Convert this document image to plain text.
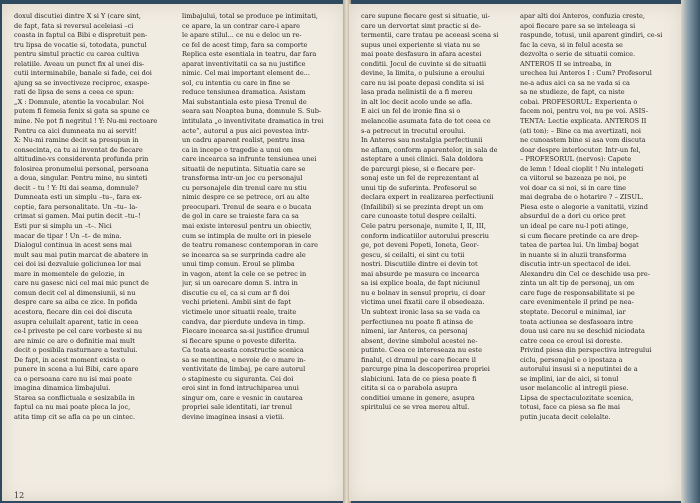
doxul discutiei dintre X si Y (care sint,
de fapt, fata si reversul aceleiasi –ci
coasta in faptul ca Bibi e dispretuit pen-
tru lipsa de vocatie si, totodata, punctul
pentru simtul practic cu carea cultiva
relatiile. Aveau un punct fix al unei dis-
cutii interminabile, banale si fade, cei doi
ajung sa se invectiveze reciproc, exaspe-
rati de lipsa de sens a ceea ce spun:
„X : Domnule, atentie la vocabular. Noi
putem fi femeia fenix si gata sa spune ce
mine. Ne pot fi negritul ! Y: Nu-mi rectoare
Pentru ca aici dumneata nu ai servit!
X: Nu-mi ramine decit sa presupun in
consecinta, ca tu ai inventat de fiecare
altitudine-vs considerenta profunda prin
folosirea pronumelui personal, persoana
a doua, singular. Pentru mine, nu sinteti
decit – tu ! Y: Iti dai seama, domnule?
Dumneata esti un simplu –tu–, fara ex-
ceptie, fara personalitate. Un –tu– la-
crimat si gamen. Mai putin decit –tu–!
Esti pur si simplu un –t–. Nici
macar de tipar ! Un –t– de mina.
Dialogul continua in acest sens mai
mult sau mai putin marcat de abatere in
cei doi isi dezvaluie goliciunea lor mai
mare in momentele de gelozie, in
care nu gasesc nici cel mai mic punct de
comun decit cel al dimensiunii, si nu
despre care sa aiba ce zice. In pofida
acestora, fiecare din cei doi discuta
asupra celuilalt aparent, tatic in ceea
ce-l priveste pe cel care vorbeste si nu
are nimic ce are o definitie mai mult
decit o posibila rasturnare a textului.
De fapt, in acest moment exista o
punere in scena a lui Bibi, care apare
ca o persoana care nu isi mai poate
imagina dinamica limbajului.
Starea sa conflictuala e sesizabila in
faptul ca nu mai poate pleca la joc,
atita timp cit se afla ca pe un cintec.
limbajului, total se produce pe intimitati,
ce apare, la un contrar care-i apare
le apare stilul... ce nu e deloc un re-
ce fel de acest timp, fara sa comporte
Replica este esentiala in teatru, dar fara
aparat inventivitatii ca sa nu justifice
nimic. Cel mai important element de...
sol, cu intentia cu care in fine se
reduce tensiunea dramatica. Asistam
Mai substantiala este piesa Trenul de
seara sau Noaptea buna, domnule S. Sub-
intitulata „o inventivitate dramatica in trei
acte”, autorul a pus aici povestea intr-
un cadru aparent realist, pentru insa
ca in incepe o tragedie a unui om
care incearca sa infrunte tensiunea unei
situatii de neputinta. Situatia care se
transforma intr-un joc cu personajul
cu personajele din trenul care nu stiu
nimic despre ce se petrece, ori au alte
preocupari. Trenul de seara e o bucata
de gol in care se traieste fara ca sa
mai existe interesul pentru un obiectiv,
cum se intimpla de multe ori in piesele
de teatru romanesc contemporan in care
se incearca sa se surprinda cadre ale
unui timp comun. Eroul se plimba
in vagon, atent la cele ce se petrec in
jur, si un oarecare domn S. intra in
discutie cu el, ca si cum ar fi doi
vechi prieteni. Ambii sint de fapt
victimele unor situatii reale, traite
candva, dar pierdute undeva in timp.
Fiecare incearca sa-si justifice drumul
si fiecare spune o poveste diferita.
Ca toata aceasta constructie scenica
sa se mentina, e nevoie de o mare in-
ventivitate de limbaj, pe care autorul
o stapineste cu siguranta. Cei doi
eroi sint in fond intruchiparea unui
singur om, care e vesnic in cautarea
propriei sale identitati, iar trenul
devine imaginea insasi a vietii.
12
care supune fiecare gest si situatie, ui-
care un dervortat simt practic si de-
termentii, care tratau pe aceeasi scena si
supus unei experiente si viata nu se
mai poate desfasura in afara acestei
conditii. Jocul de cuvinte si de situatii
devine, la limita, o pulsiune a eroului
care nu isi poate depasi condita si isi
lasa prada nelinistii de a fi mereu
in alt loc decit acolo unde se afla.
E aici un fel de ironie fina si o
melancolie asumata fata de tot ceea ce
s-a petrecut in trecutul eroului.
In Anteros sau nostalgia perfectiunii
ne aflam, conform aparentelor, in sala de
asteptare a unei clinici. Sala doldora
de parcurgi piese, si e fiecare per-
sonaj este un fel de reprezentant al
unui tip de suferinta. Profesorul se
declara expert in realizarea perfectiunii
(Infailibil) si se prezinta drept un om
care cunoaste totul despre ceilalti.
Cele patru personaje, numite I, II, III,
conform indicatiilor autorului prescriu
ge, pot deveni Popeti, Ioneta, Geor-
gescu, si ceilalti, ei sint cu totii
nostri. Discutiile dintre ei devin tot
mai absurde pe masura ce incearca
sa isi explice boala, de fapt niciunul
nu e bolnav in sensul propriu, ci doar
victima unei fixatii care il obsedeaza.
Un subtext ironic lasa sa se vada ca
perfectiunea nu poate fi atinsa de
nimeni, iar Anteros, ca personaj
absent, devine simbolul acestei ne-
putinte. Ceea ce intereseaza nu este
finalul, ci drumul pe care fiecare il
parcurge pina la descoperirea propriei
slabiciuni. Iata de ce piesa poate fi
citita si ca o parabola asupra
conditiei umane in genere, asupra
spiritului ce se vrea mereu altul.
apar alti doi Anteros, confuzia creste,
apoi fiecare pare sa se inteleaga si
raspunde, totusi, unii aparent gindiri, ce-si
fac la ceva, si in felul acesta se
dezvolta o serie de situatii comice.
ANTEROS II se intreaba, in
urechea lui Anteros I : Cum? Profesorul
ne-a adus aici ca sa ne vada si ca
sa ne studieze, de fapt, ca niste
cobai. PROFESORUL: Experienta o
facem noi, pentru voi, nu pe voi. ASIS-
TENTA: Lectie explicata. ANTEROS II
(ati ton): – Bine ca ma avertizati, noi
ne cunoastem bine si asa vom discuta
doar despre interlocutor. Intr-un fel,
– PROFESORUL (nervos): Capete
de lemn ! Ideal cioplit ! Nu intelegeti
ca viitorul se bazeaza pe noi, pe
voi doar ca si noi, si in care tine
mai degraba de o hotarire ? – ZISUL.
Piesa este o alegorie a vanitatii, vizind
absurdul de a dori cu orice pret
un ideal pe care nu-l poti atinge,
si cum fiecare pretinde ca are drep-
tatea de partea lui. Un limbaj bogat
in nuante si in aluzii transforma
discutia intr-un spectacol de idei.
Alexandru din Cel ce deschide usa pre-
zinta un alt tip de personaj, un om
care fuge de responsabilitate si pe
care evenimentele il prind pe nea-
steptate. Decorul e minimal, iar
toata actiunea se desfasoara intre
doua usi care nu se deschid niciodata
catre ceea ce eroul isi doreste.
Privind piesa din perspectiva intregului
ciclu, personajul e o ipostaza a
autorului insusi si a neputintei de a
se implini, iar de aici, si tonul
usor melancolic al intregii piese.
Lipsa de spectaculozitate scenica,
totusi, face ca piesa sa fie mai
putin jucata decit celelalte.
